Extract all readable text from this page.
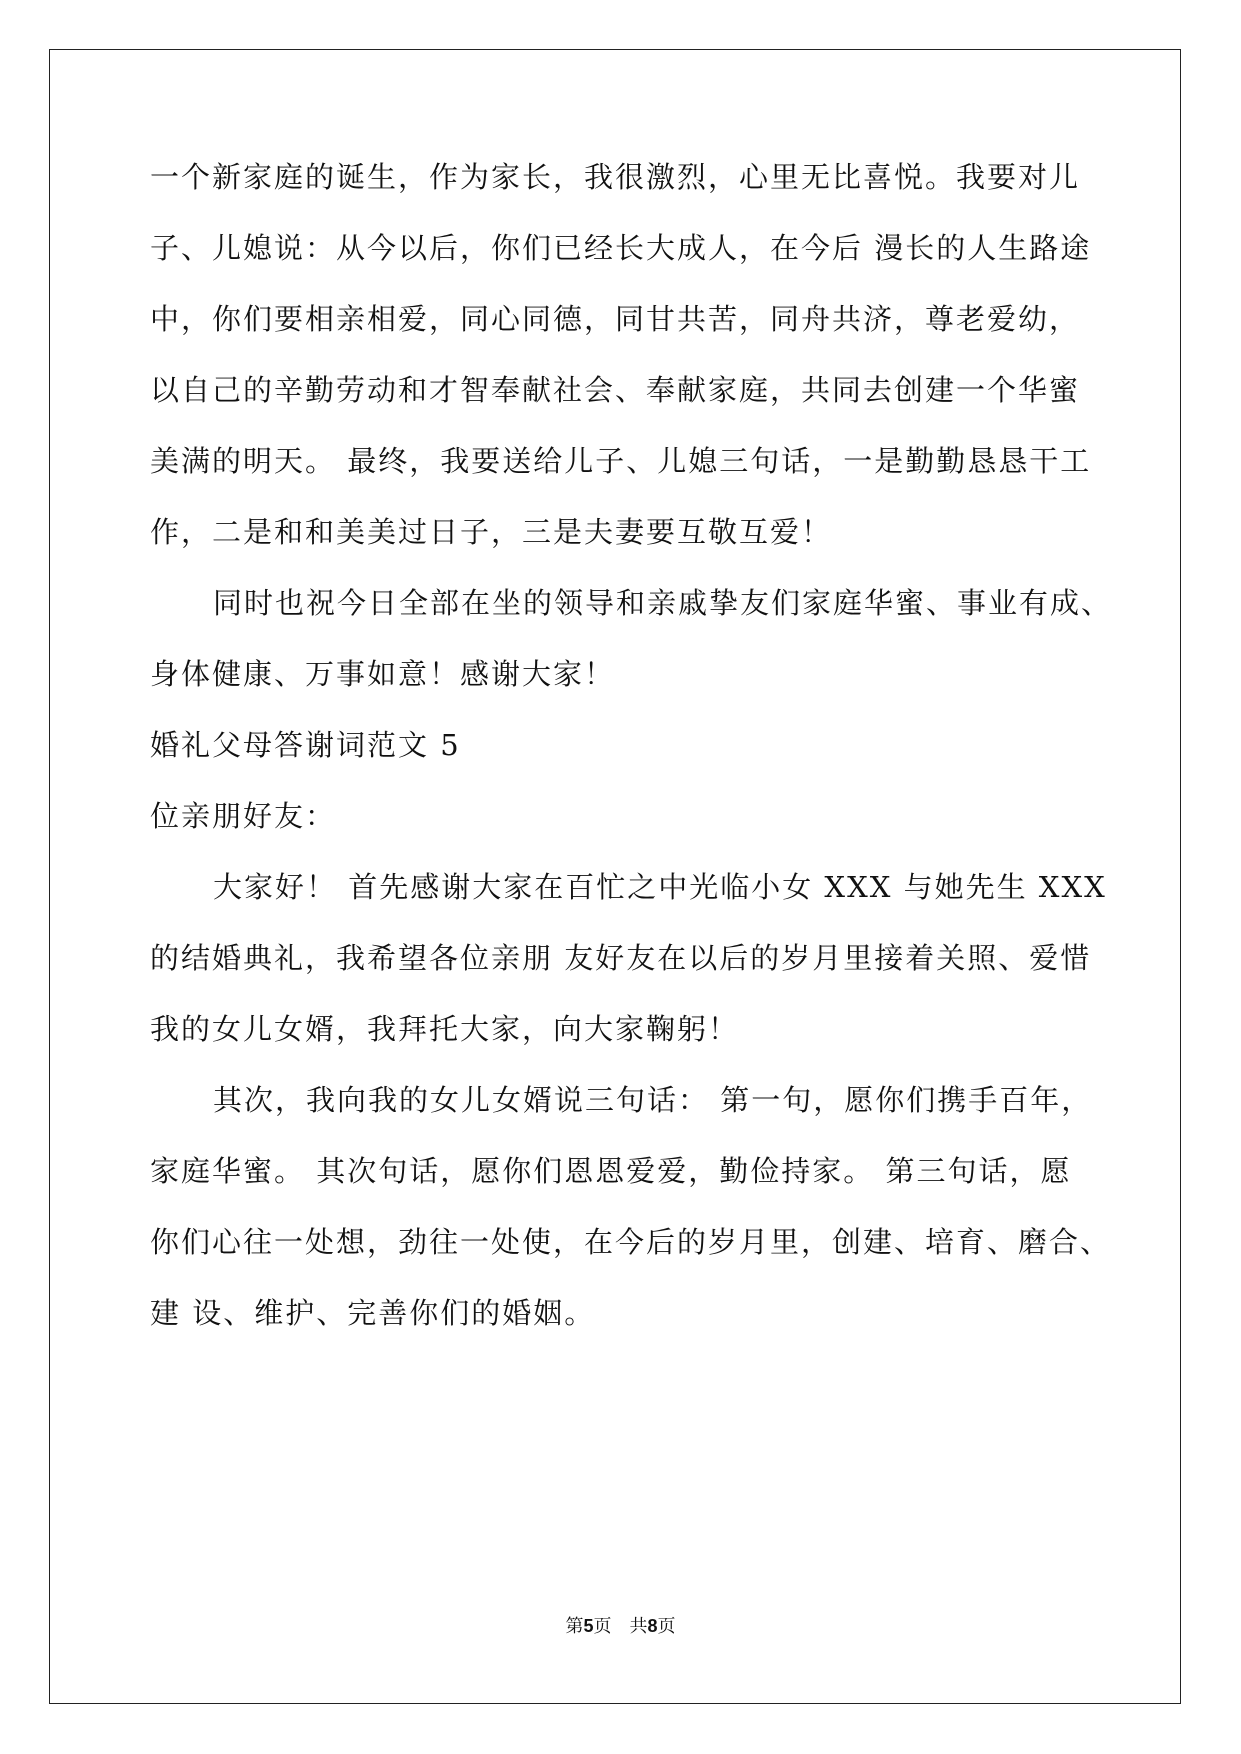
一个新家庭的诞生，作为家长，我很激烈，心里无比喜悦。我要对儿
子、儿媳说：从今以后，你们已经长大成人，在今后 漫长的人生路途
中，你们要相亲相爱，同心同德，同甘共苦，同舟共济，尊老爱幼，
以自己的辛勤劳动和才智奉献社会、奉献家庭，共同去创建一个华蜜
美满的明天。 最终，我要送给儿子、儿媳三句话，一是勤勤恳恳干工
作，二是和和美美过日子，三是夫妻要互敬互爱！
同时也祝今日全部在坐的领导和亲戚挚友们家庭华蜜、事业有成、
身体健康、万事如意！感谢大家！
婚礼父母答谢词范文 5
位亲朋好友：
大家好！ 首先感谢大家在百忙之中光临小女 XXX 与她先生 XXX
的结婚典礼，我希望各位亲朋 友好友在以后的岁月里接着关照、爱惜
我的女儿女婿，我拜托大家，向大家鞠躬！
其次，我向我的女儿女婿说三句话： 第一句，愿你们携手百年，
家庭华蜜。 其次句话，愿你们恩恩爱爱，勤俭持家。 第三句话，愿
你们心往一处想，劲往一处使，在今后的岁月里，创建、培育、磨合、
建 设、维护、完善你们的婚姻。
第5页　共8页
